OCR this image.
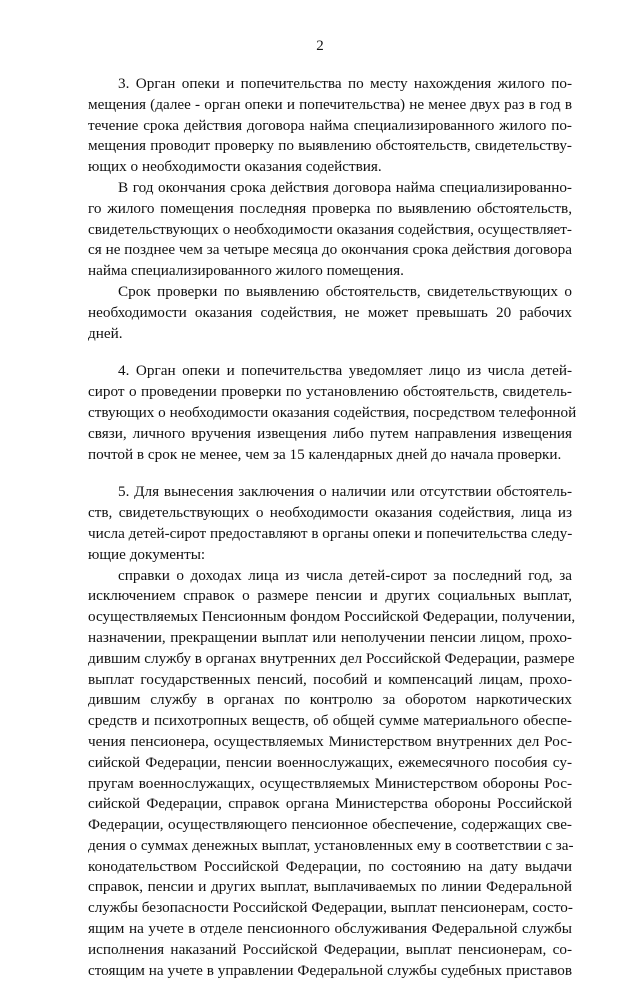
2
3. Орган опеки и попечительства по месту нахождения жилого по-
мещения (далее - орган опеки и попечительства) не менее двух раз в год в
течение срока действия договора найма специализированного жилого по-
мещения проводит проверку по выявлению обстоятельств, свидетельству-
ющих о необходимости оказания содействия.
В год окончания срока действия договора найма специализированно-
го жилого помещения последняя проверка по выявлению обстоятельств,
свидетельствующих о необходимости оказания содействия, осуществляет-
ся не позднее чем за четыре месяца до окончания срока действия договора
найма специализированного жилого помещения.
Срок проверки по выявлению обстоятельств, свидетельствующих о
необходимости оказания содействия, не может превышать 20 рабочих
дней.
4. Орган опеки и попечительства уведомляет лицо из числа детей-
сирот о проведении проверки по установлению обстоятельств, свидетель-
ствующих о необходимости оказания содействия, посредством телефонной
связи, личного вручения извещения либо путем направления извещения
почтой в срок не менее, чем за 15 календарных дней до начала проверки.
5. Для вынесения заключения о наличии или отсутствии обстоятель-
ств, свидетельствующих о необходимости оказания содействия, лица из
числа детей-сирот предоставляют в органы опеки и попечительства следу-
ющие документы:
справки о доходах лица из числа детей-сирот за последний год, за
исключением справок о размере пенсии и других социальных выплат,
осуществляемых Пенсионным фондом Российской Федерации, получении,
назначении, прекращении выплат или неполучении пенсии лицом, прохо-
дившим службу в органах внутренних дел Российской Федерации, размере
выплат государственных пенсий, пособий и компенсаций лицам, прохо-
дившим службу в органах по контролю за оборотом наркотических
средств и психотропных веществ, об общей сумме материального обеспе-
чения пенсионера, осуществляемых Министерством внутренних дел Рос-
сийской Федерации, пенсии военнослужащих, ежемесячного пособия су-
пругам военнослужащих, осуществляемых Министерством обороны Рос-
сийской Федерации, справок органа Министерства обороны Российской
Федерации, осуществляющего пенсионное обеспечение, содержащих све-
дения о суммах денежных выплат, установленных ему в соответствии с за-
конодательством Российской Федерации, по состоянию на дату выдачи
справок, пенсии и других выплат, выплачиваемых по линии Федеральной
службы безопасности Российской Федерации, выплат пенсионерам, состо-
ящим на учете в отделе пенсионного обслуживания Федеральной службы
исполнения наказаний Российской Федерации, выплат пенсионерам, со-
стоящим на учете в управлении Федеральной службы судебных приставов
